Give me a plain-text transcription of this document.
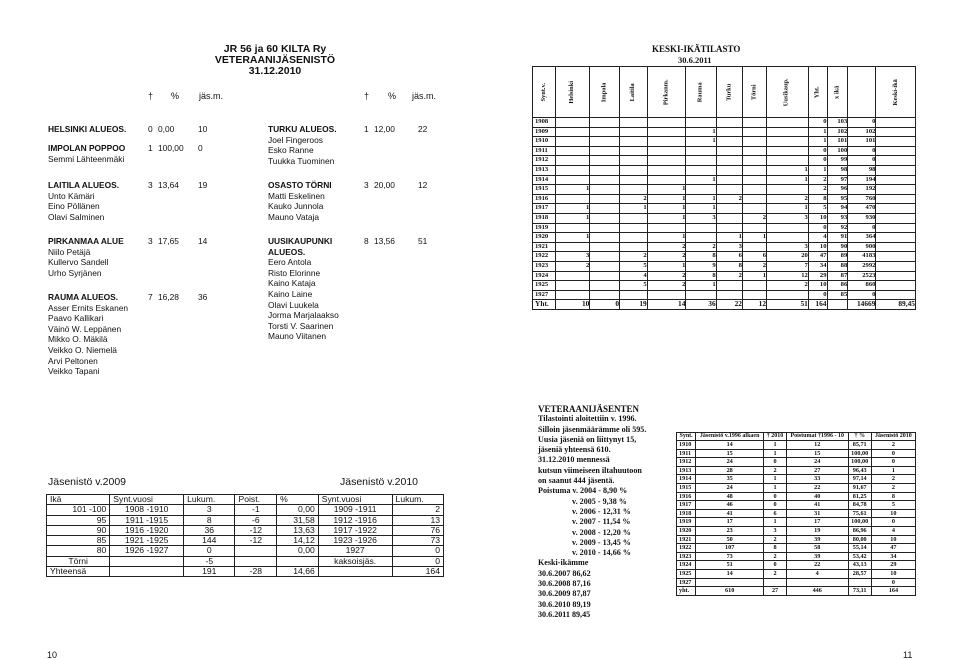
JR 56 ja 60 KILTA Ry
VETERAANIJÄSENISTÖ
31.12.2010
† % jäs.m.	† % jäs.m.
HELSINKI ALUEOS.	0 0,00	10
IMPOLAN POPPOO	1 100,00 0
Semmi Lähteenmäki
LAITILA ALUEOS.	3 13,64 19
Unto Kämäri
Eino Pöllänen
Olavi Salminen
PIRKANMAA ALUE	3 17,65 14
Niilo Petäjä
Kullervo Sandell
Urho Syrjänen
RAUMA ALUEOS.	7 16,28 36
Asser Ernits Eskanen
Paavo Kallikari
Väinö W. Leppänen
Mikko O. Mäkilä
Veikko O. Niemelä
Arvi Peltonen
Veikko Tapani
TURKU ALUEOS.	1 12,00	22
Joel Fingeroos
Esko Ranne
Tuukka Tuominen
OSASTO TÖRNI	3 20,00	12
Matti Eskelinen
Kauko Junnola
Mauno Vataja
UUSIKAUPUNKI ALUEOS.
8 13,56	51
Eero Antola
Risto Elorinne
Kaino Kataja
Kaino Laine
Olavi Luukela
Jorma Marjalaakso
Torsti V. Saarinen
Mauno Viitanen
Jäsenistö v.2009	Jäsenistö v.2010
Ikä	Synt.vuosi	Lukum.	Poist.	%	Synt.vuosi	Lukum.
101 -100	1908 -1910	3	-1	0,00	1909 -1911	2
95	1911 -1915	8	-6	31,58	1912 -1916	13
90	1916 -1920	36	-12	13,63	1917 -1922	76
85	1921 -1925	144	-12	14,12	1923 -1926	73
80	1926 -1927	0		0,00	1927	0
Törni		-5			kaksoisjäs.	0
Yhteensä		191	-28	14,66		164
10
KESKI-IKÄTILASTO
30.6.2011
Synt.v.	Helsinki	Impola	Laitila	Pirkanm.	Rauma	Turku	Törni	Uusikaup.	Yht.	x ikä		Keski-ikä
1908									0	103	0	
1909					1				1	102	102	
1910					1				1	101	101	
1911									0	100	0	
1912									0	99	0	
1913								1	1	98	98	
1914					1			1	2	97	194	
1915	1			1					2	96	192	
1916			2	1	1	2		2	8	95	760	
1917	1		1	1	1			1	5	94	470	
1918	1			1	3		2	3	10	93	930	
1919									0	92	0	
1920	1			1		1	1		4	91	364	
1921				2	2	3		3	10	90	900	
1922	3		2	2	8	6	6	20	47	89	4183	
1923	2		5	1	9	8	2	7	34	88	2992	
1924			4	2	8	2	1	12	29	87	2523	
1925			5	2	1			2	10	86	860	
1927									0	85	0	
Yht.	10	0	19	14	36	22	12	51	164		14669	89,45
VETERAANIJÄSENTEN
Tilastointi aloitettiin v. 1996.
Silloin jäsenmäärämme oli 595.
Uusia jäseniä on liittynyt 15,
jäseniä yhteensä 610.
31.12.2010 mennessä
kutsun viimeiseen iltahuutoon
on saanut 444 jäsentä.
Poistuma v. 2004 - 8,90 %
v. 2005 - 9,38 %
v. 2006 - 12,31 %
v. 2007 - 11,54 %
v. 2008 - 12,20 %
v. 2009 - 13,45 %
v. 2010 - 14,66 %
Keski-ikämme
30.6.2007 86,62
30.6.2008 87,16
30.6.2009 87,87
30.6.2010 89,19
30.6.2011 89,45
Synt.	Jäsenistö v.1996 alkaen	† 2010	Poistumat †1996 - 10	† %	Jäsenistö 2010
1910	14	1	12	85,71	2
1911	15	1	15	100,00	0
1912	24	0	24	100,00	0
1913	28	2	27	96,43	1
1914	35	1	33	97,14	2
1915	24	1	22	91,67	2
1916	48	0	40	81,25	8
1917	46	0	41	84,78	5
1918	41	6	31	75,61	10
1919	17	1	17	100,00	0
1920	23	3	19	86,96	4
1921	50	2	39	80,00	10
1922	107	8	58	55,14	47
1923	73	2	39	53,42	34
1924	51	0	22	43,13	29
1925	14	2	4	28,57	10
1927					0
yht.	610	27	446	73,11	164
11
